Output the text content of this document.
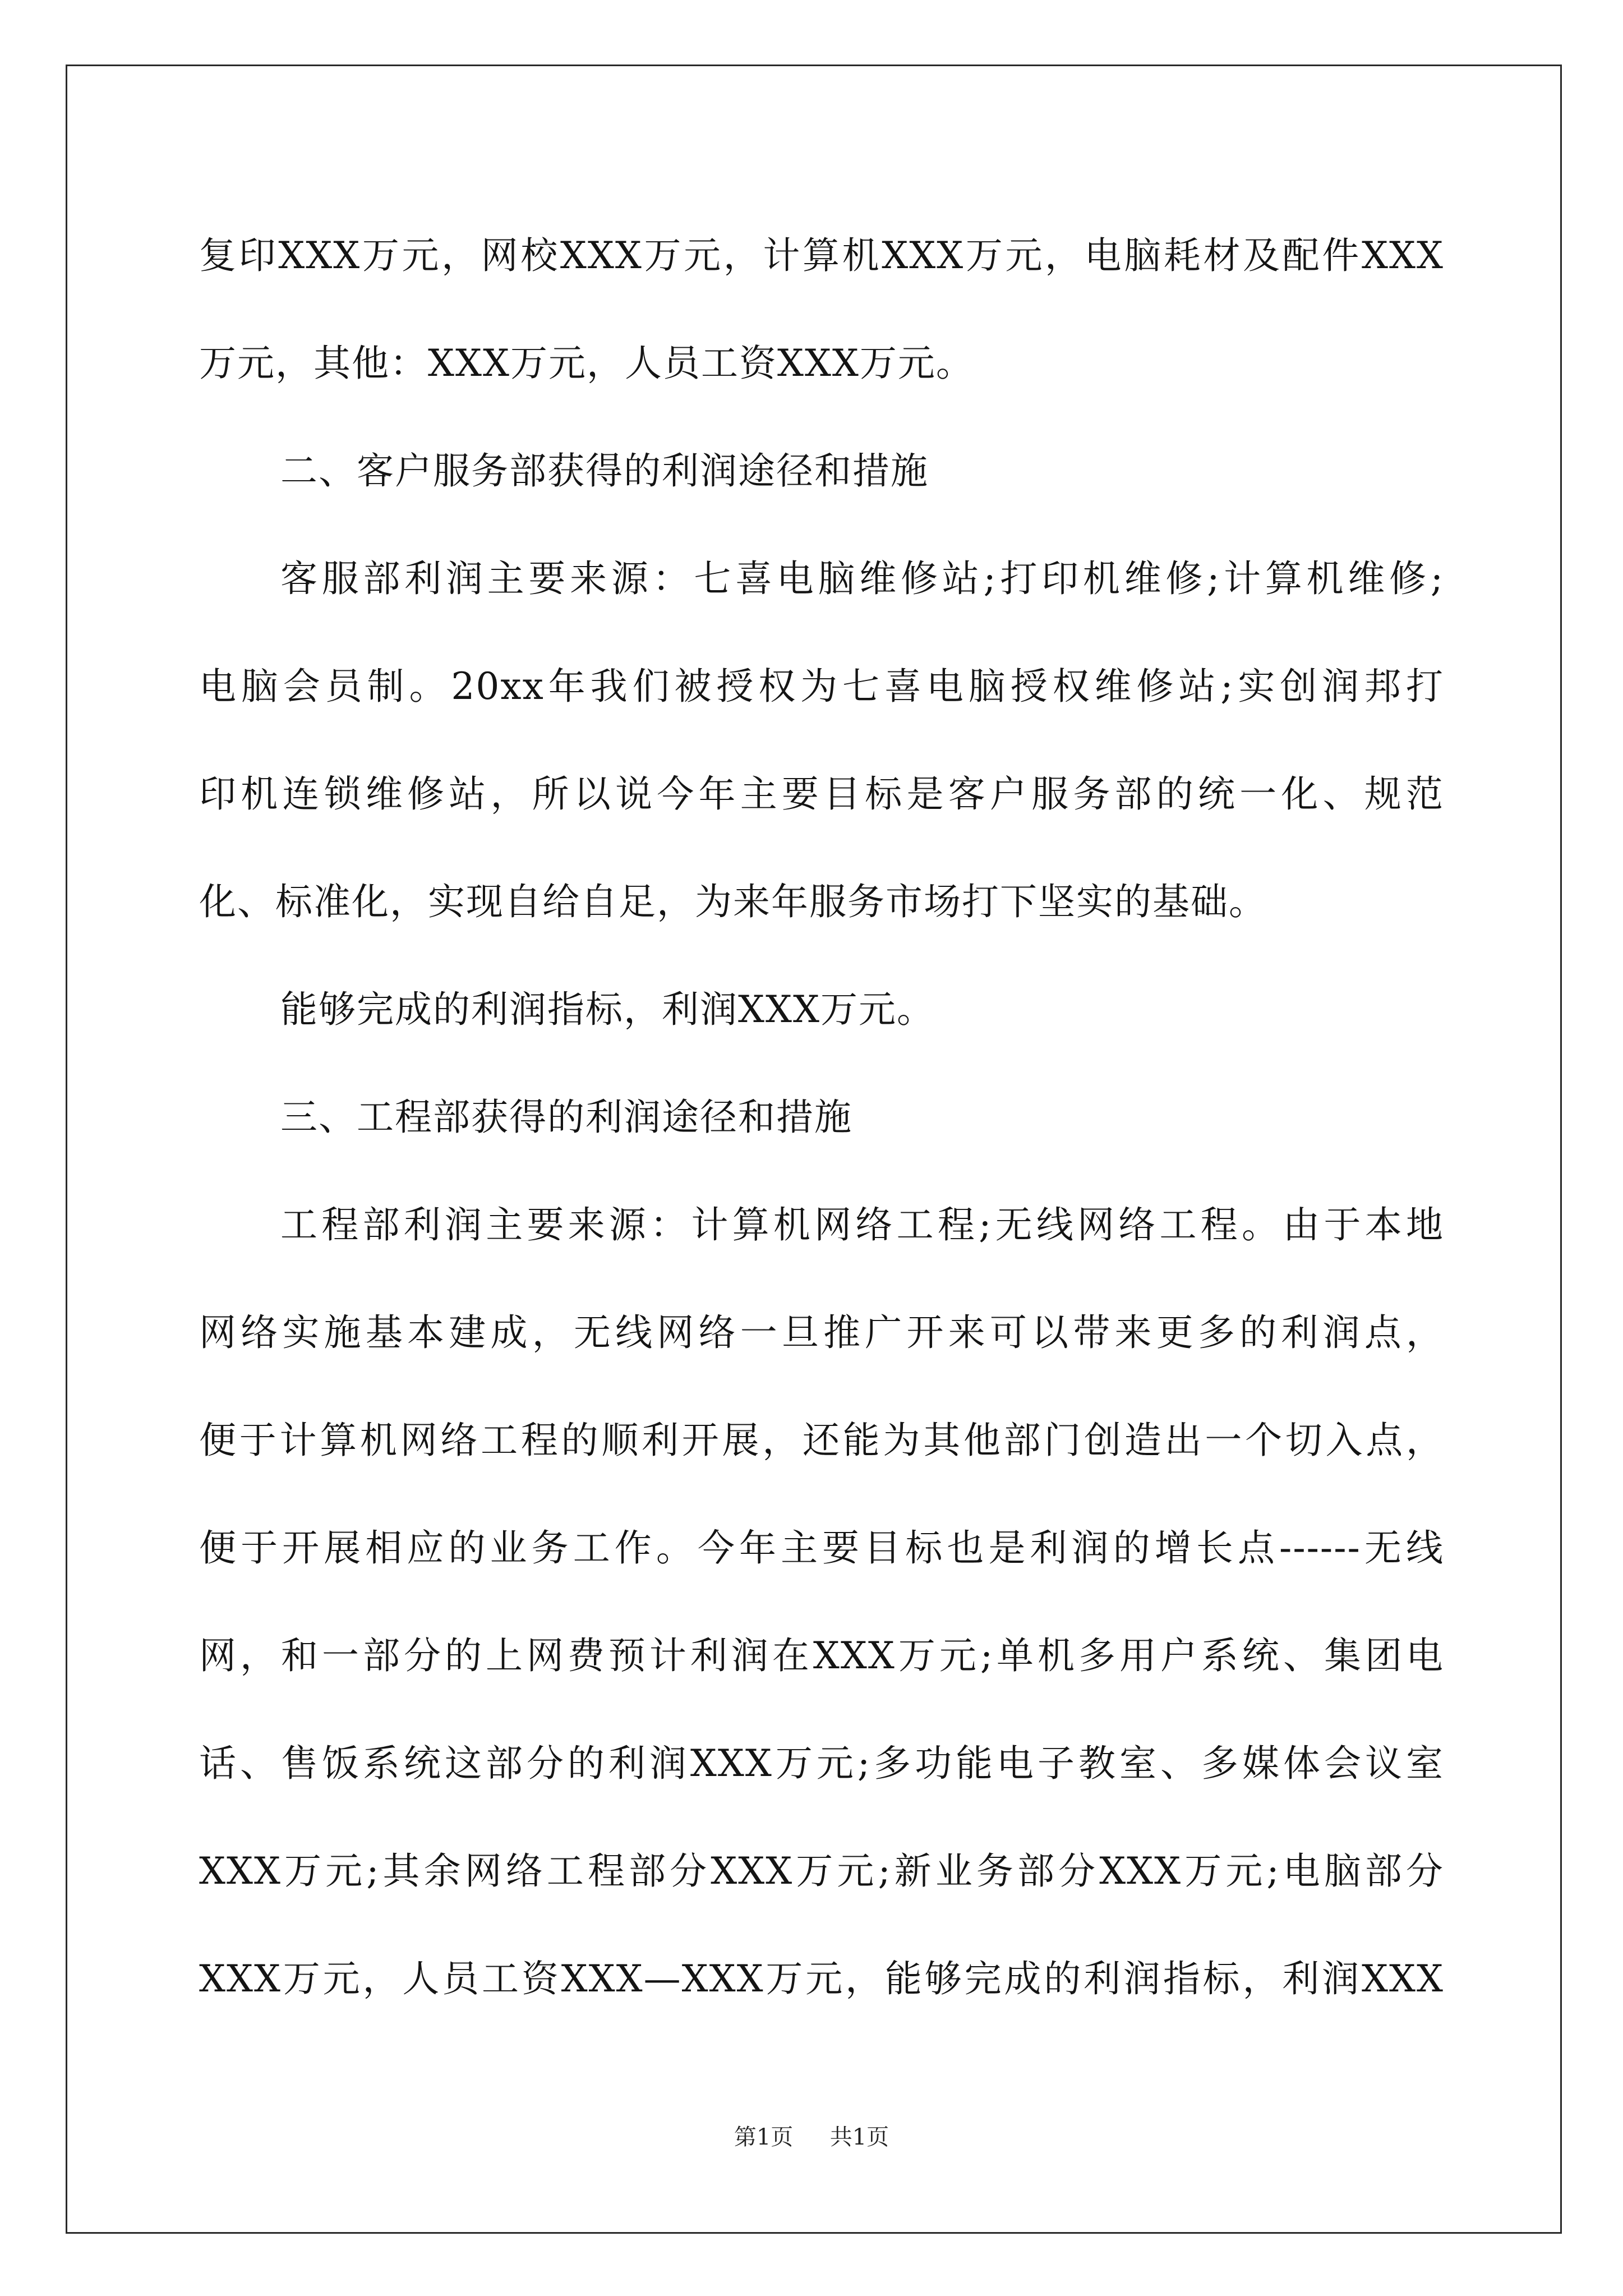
复印XXX万元，网校XXX万元，计算机XXX万元，电脑耗材及配件XXX
万元，其他：XXX万元，人员工资XXX万元。
二、客户服务部获得的利润途径和措施
客服部利润主要来源：七喜电脑维修站;打印机维修;计算机维修;
电脑会员制。20xx年我们被授权为七喜电脑授权维修站;实创润邦打
印机连锁维修站，所以说今年主要目标是客户服务部的统一化、规范
化、标准化，实现自给自足，为来年服务市场打下坚实的基础。
能够完成的利润指标，利润XXX万元。
三、工程部获得的利润途径和措施
工程部利润主要来源：计算机网络工程;无线网络工程。由于本地
网络实施基本建成，无线网络一旦推广开来可以带来更多的利润点，
便于计算机网络工程的顺利开展，还能为其他部门创造出一个切入点，
便于开展相应的业务工作。今年主要目标也是利润的增长点------无线
网，和一部分的上网费预计利润在XXX万元;单机多用户系统、集团电
话、售饭系统这部分的利润XXX万元;多功能电子教室、多媒体会议室
XXX万元;其余网络工程部分XXX万元;新业务部分XXX万元;电脑部分
XXX万元，人员工资XXX—XXX万元，能够完成的利润指标，利润XXX
第1页 共1页
